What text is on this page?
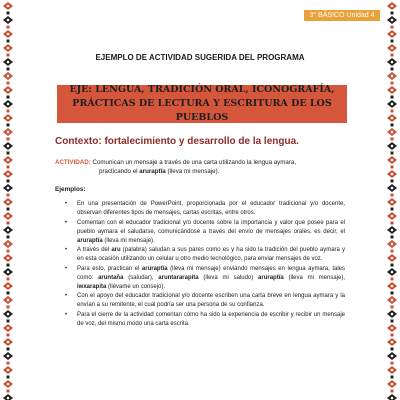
3° BÁSICO Unidad 4
EJEMPLO DE ACTIVIDAD SUGERIDA DEL PROGRAMA
EJE: LENGUA, TRADICIÓN ORAL, ICONOGRAFÍA,
PRÁCTICAS DE LECTURA Y ESCRITURA DE LOS PUEBLOS
Contexto: fortalecimiento y desarrollo de la lengua.
ACTIVIDAD: Comunican un mensaje a través de una carta utilizando la lengua aymara,
practicando el aruraptïa (lleva mi mensaje).
Ejemplos:
• En una presentación de PowerPoint, proporcionada por el educador tradicional y/o docente, observan diferentes tipos de mensajes, cartas escritas, entre otros.
• Comentan con el educador tradicional y/o docente sobre la importancia y valor que posee para el pueblo aymara el saludarse, comunicándose a través del envío de mensajes orales, es decir, el aruraptïa (lleva mi mensaje).
• A través del aru (palabra) saludan a sus pares como es y ha sido la tradición del pueblo aymara y en esta ocasión utilizando un celular u otro medio tecnológico, para enviar mensajes de voz.
• Para esto, practican el aruraptïa (lleva mi mensaje) enviando mensajes en lengua aymara, tales como: aruntaña (saludar), aruntararapita (lleva mi saludo) aruraptïa (lleva mi mensaje), iwxarapita (llévame un consejo).
• Con el apoyo del educador tradicional y/o docente escriben una carta breve en lengua aymara y la envían a su remitente, el cual podría ser una persona de su confianza.
• Para el cierre de la actividad comentan cómo ha sido la experiencia de escribir y recibir un mensaje de voz, del mismo modo una carta escrita.
